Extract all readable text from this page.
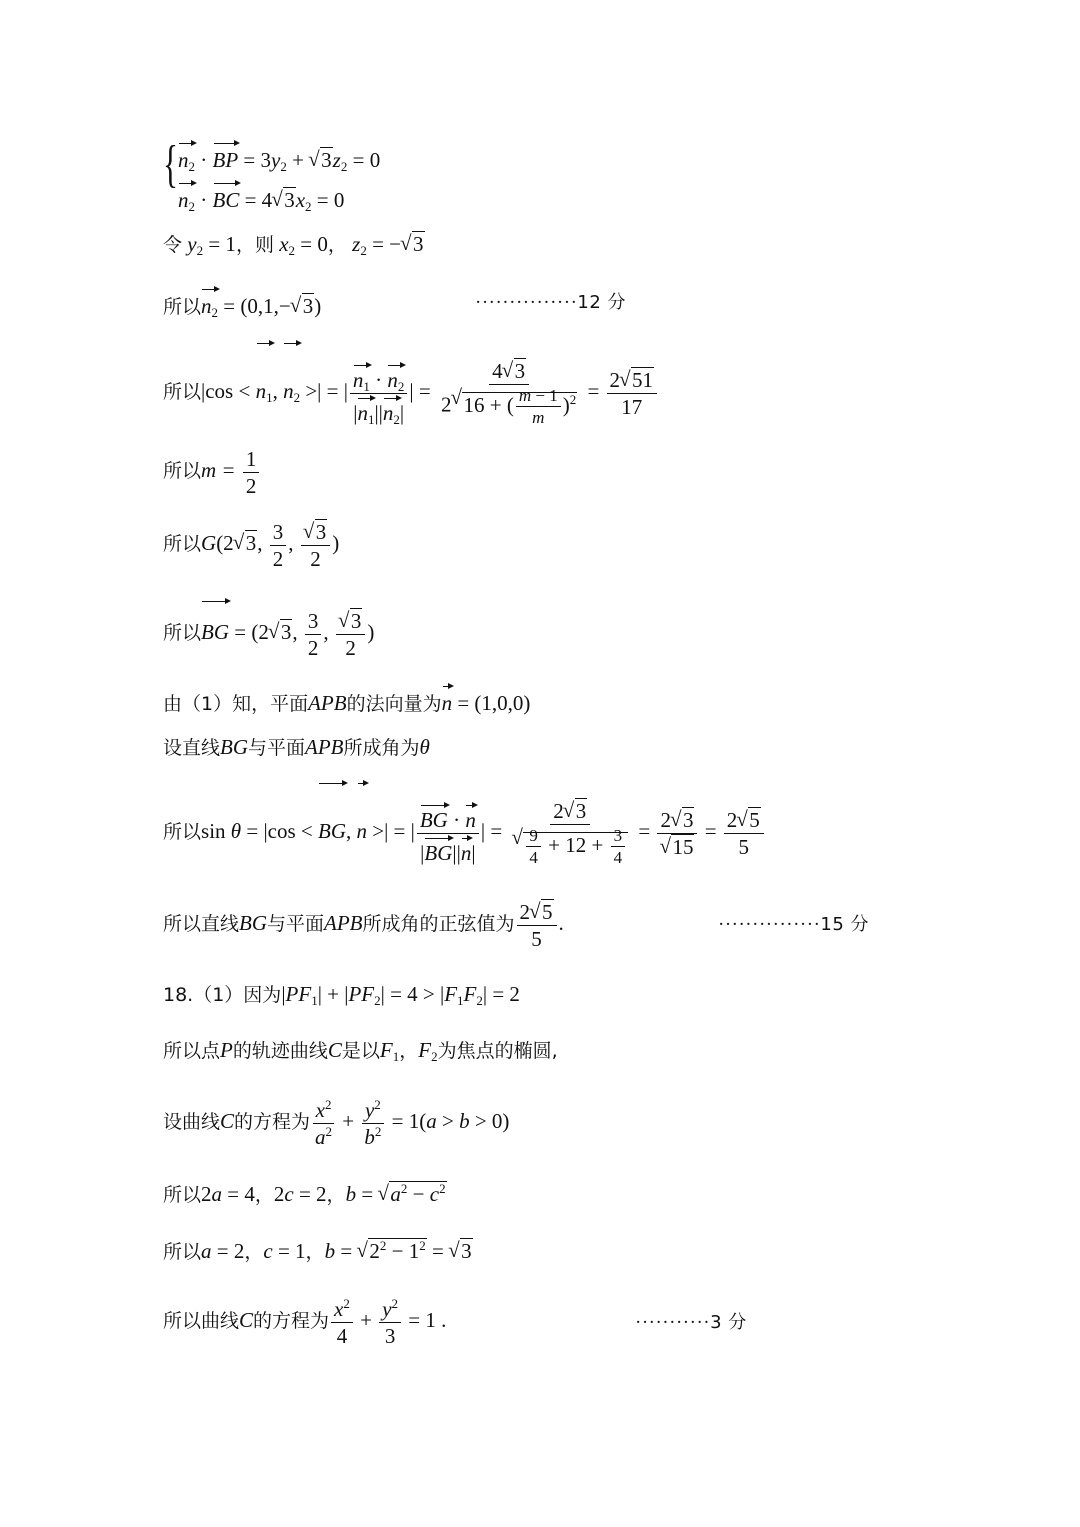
{ $n_2$ · BP = $3y_2$ + √ $3z_2 = 0$
$n_2$ · BC = 4√ $3x_2 = 0$
令 $y_2 = 1$，则 $x_2 = 0$， $z_2$ = −√ 3
所以$n_2 = (0,1,-√$ 3)	···············12 分
所以$|\cos < n_1$, $n_2$ >| = | $\frac{n_1 \cdot n_2}{|n_1||n_2|}$ | = $\frac{4√ 3}{2√ 16 + ( \frac{m - 1}{m} )^2} = \frac{2√ 51}{17}$
所以$m = \frac{1}{2}$
所以G(2√ 3, $\frac{3}{2}$ ,
√ $\frac{3}{2}$ )
所以BG = (2√ 3, $\frac{3}{2}$ ,
√ $\frac{3}{2}$ )
由（1）知，平面APB的法向量为n = (1,0,0)
设直线BG与平面APB所成角为θ
所以sin θ = |cos < BG, n >| = | $\frac{BG \cdot n}{|BG||n|}$ | = 2√ 3
√ $\frac{9}{4} + 12 + \frac{3}{4} = 2√$ 3
√ $15 = \frac{2√ 5}{5}$
所以直线BG与平面APB所成角的正弦值为 $\frac{2√ 5}{5}$ .	···············15 分
18.（1）因为$|PF_1| + |PF_2| = 4 > |F_1F_2| = 2$
所以点P的轨迹曲线C是以$F_1$，$F_2$为焦点的椭圆,
设曲线C的方程为 $\frac{x^2}{a^2} + \frac{y^2}{b^2} = 1(a > b > 0)$
所以2a = 4，2c = 2，b = √ $a^2 - c^2$
所以a = 2，c = 1，b = √ $2^2 - 1^2$ = √ 3
所以曲线C的方程为 $\frac{x^2}{4} + \frac{y^2}{3} = 1$ .	···········3 分
